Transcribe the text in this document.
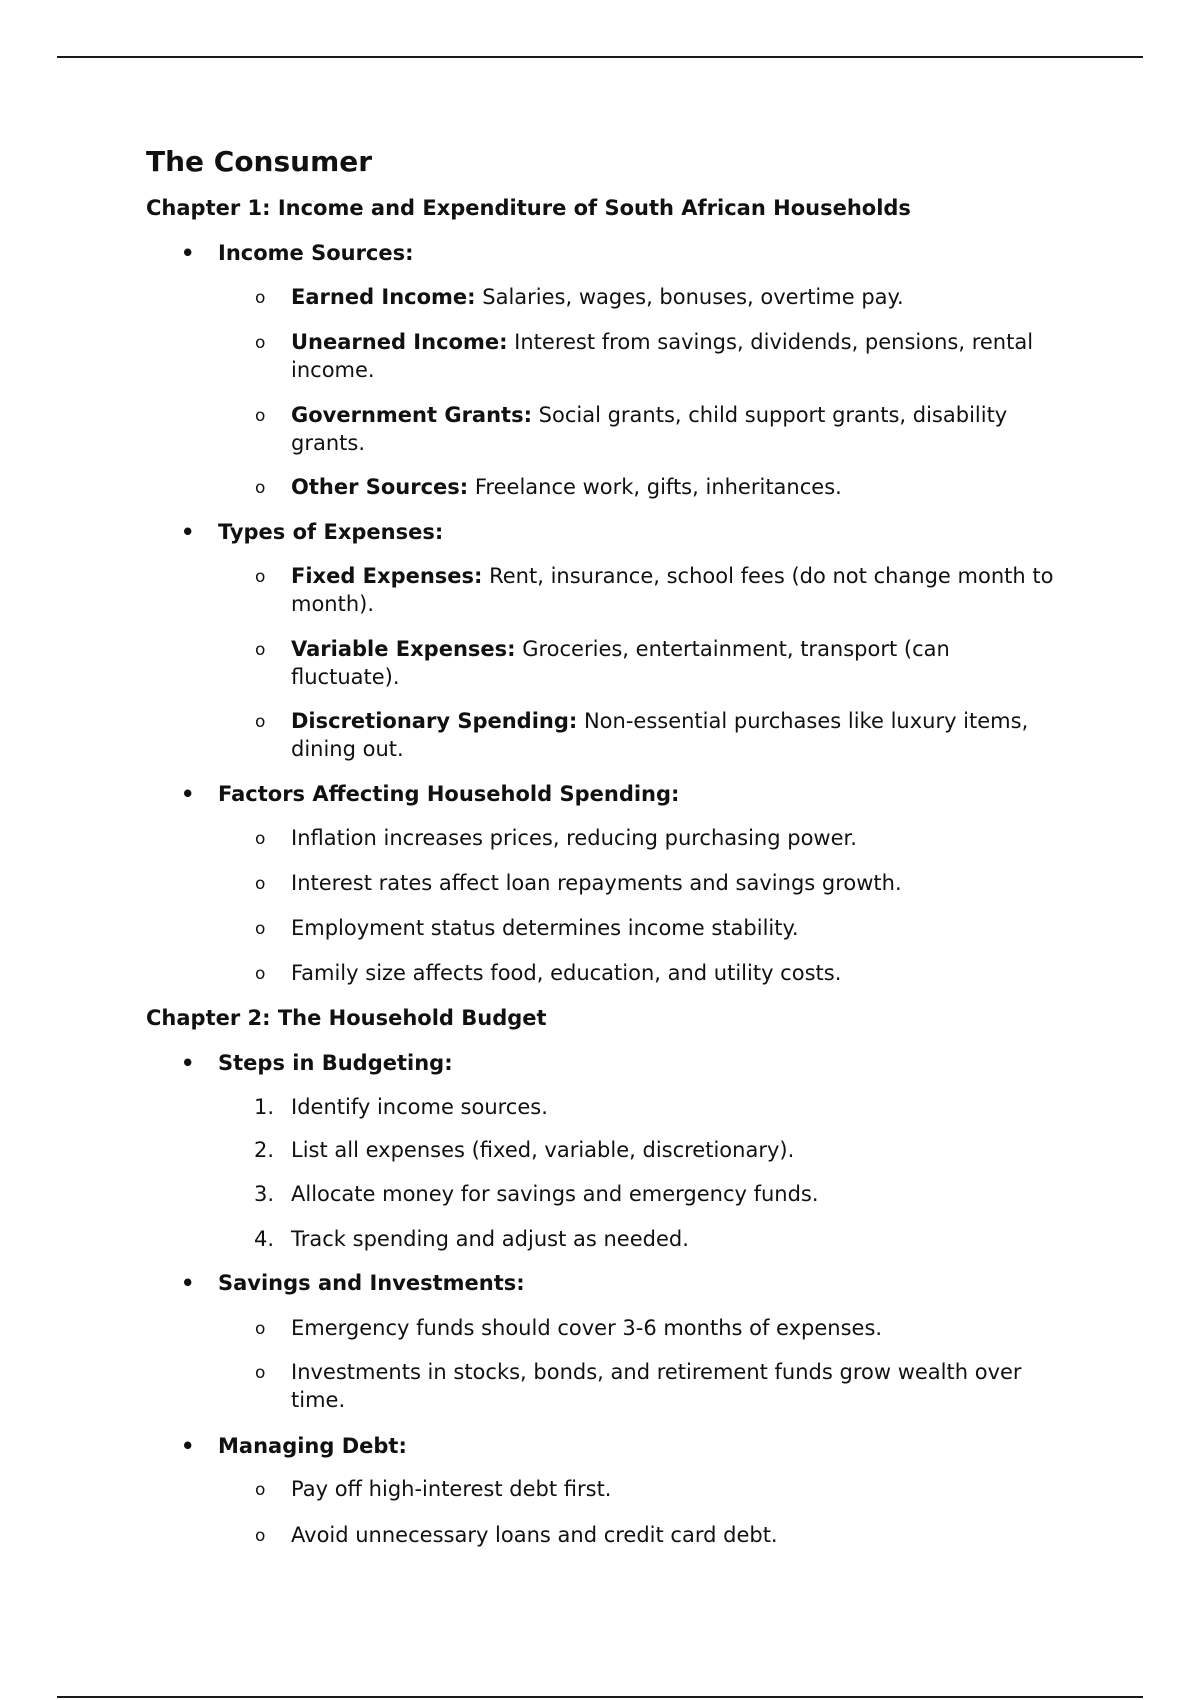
The Consumer
Chapter 1: Income and Expenditure of South African Households
• Income Sources:
o Earned Income: Salaries, wages, bonuses, overtime pay.
o Unearned Income: Interest from savings, dividends, pensions, rental income.
o Government Grants: Social grants, child support grants, disability grants.
o Other Sources: Freelance work, gifts, inheritances.
• Types of Expenses:
o Fixed Expenses: Rent, insurance, school fees (do not change month to month).
o Variable Expenses: Groceries, entertainment, transport (can fluctuate).
o Discretionary Spending: Non-essential purchases like luxury items, dining out.
• Factors Affecting Household Spending:
o Inflation increases prices, reducing purchasing power.
o Interest rates affect loan repayments and savings growth.
o Employment status determines income stability.
o Family size affects food, education, and utility costs.
Chapter 2: The Household Budget
• Steps in Budgeting:
1. Identify income sources.
2. List all expenses (fixed, variable, discretionary).
3. Allocate money for savings and emergency funds.
4. Track spending and adjust as needed.
• Savings and Investments:
o Emergency funds should cover 3-6 months of expenses.
o Investments in stocks, bonds, and retirement funds grow wealth over time.
• Managing Debt:
o Pay off high-interest debt first.
o Avoid unnecessary loans and credit card debt.
